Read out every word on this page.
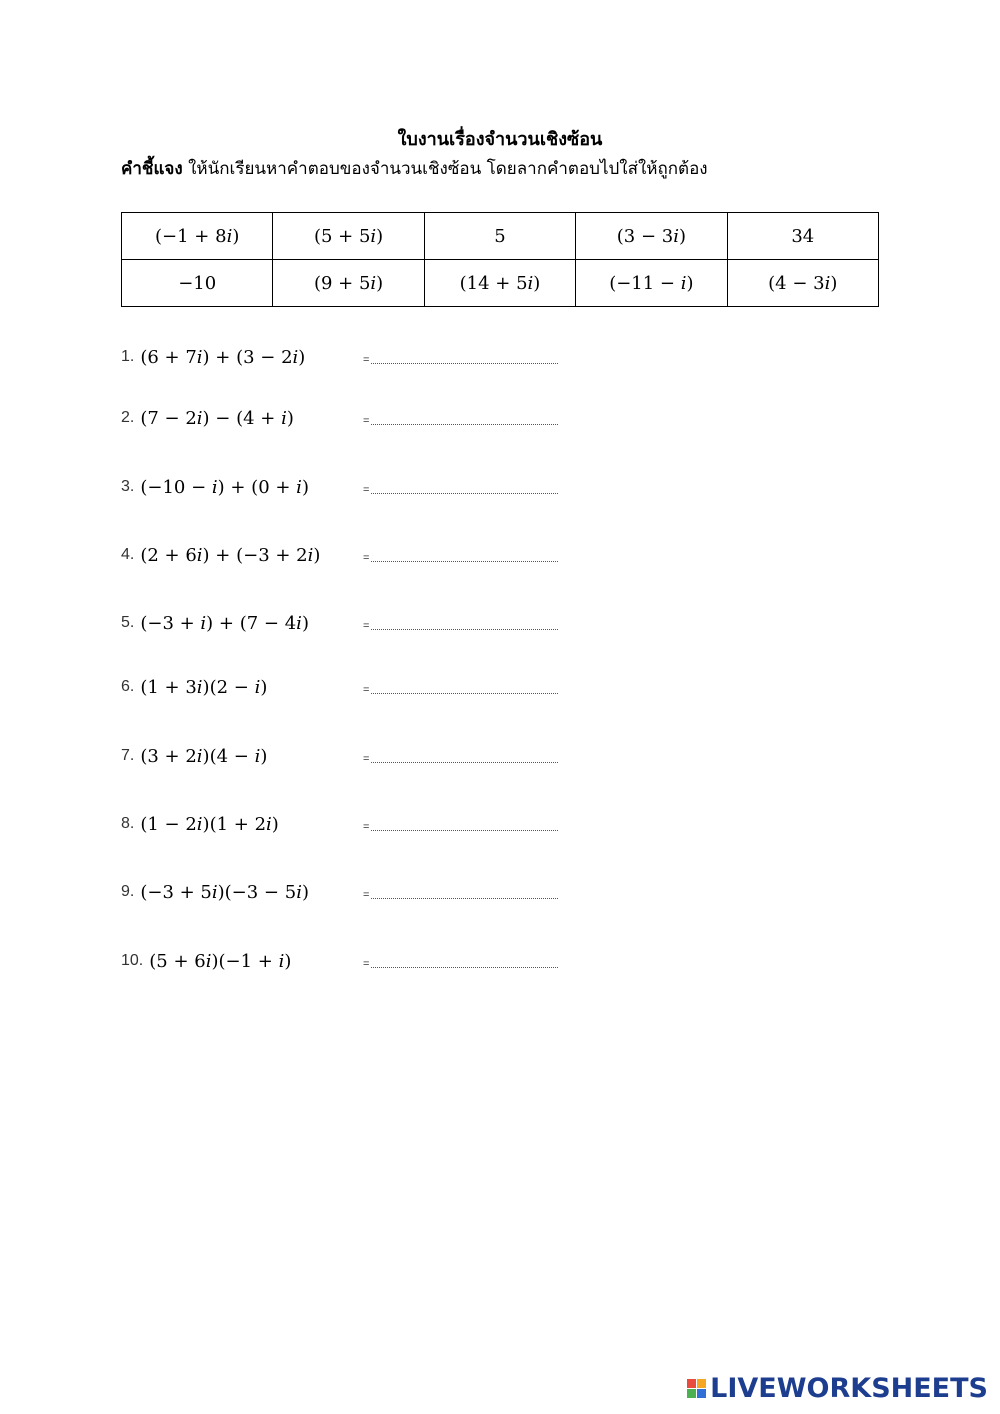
ใบงานเรื่องจำนวนเชิงซ้อน
คำชี้แจง ให้นักเรียนหาคำตอบของจำนวนเชิงซ้อน โดยลากคำตอบไปใส่ให้ถูกต้อง
(−1 + 8𝑖)	(5 + 5𝑖)	5	(3 − 3𝑖)	34
−10	(9 + 5𝑖)	(14 + 5𝑖)	(−11 − 𝑖)	(4 − 3𝑖)
1. (6 + 7𝑖) + (3 − 2𝑖)	=
2. (7 − 2𝑖) − (4 + 𝑖)	=
3. (−10 − 𝑖) + (0 + 𝑖)	=
4. (2 + 6𝑖) + (−3 + 2𝑖)	=
5. (−3 + 𝑖) + (7 − 4𝑖)	=
6. (1 + 3𝑖)(2 − 𝑖)	=
7. (3 + 2𝑖)(4 − 𝑖)	=
8. (1 − 2𝑖)(1 + 2𝑖)	=
9. (−3 + 5𝑖)(−3 − 5𝑖)	=
10. (5 + 6𝑖)(−1 + 𝑖)	=
LIVEWORKSHEETS
